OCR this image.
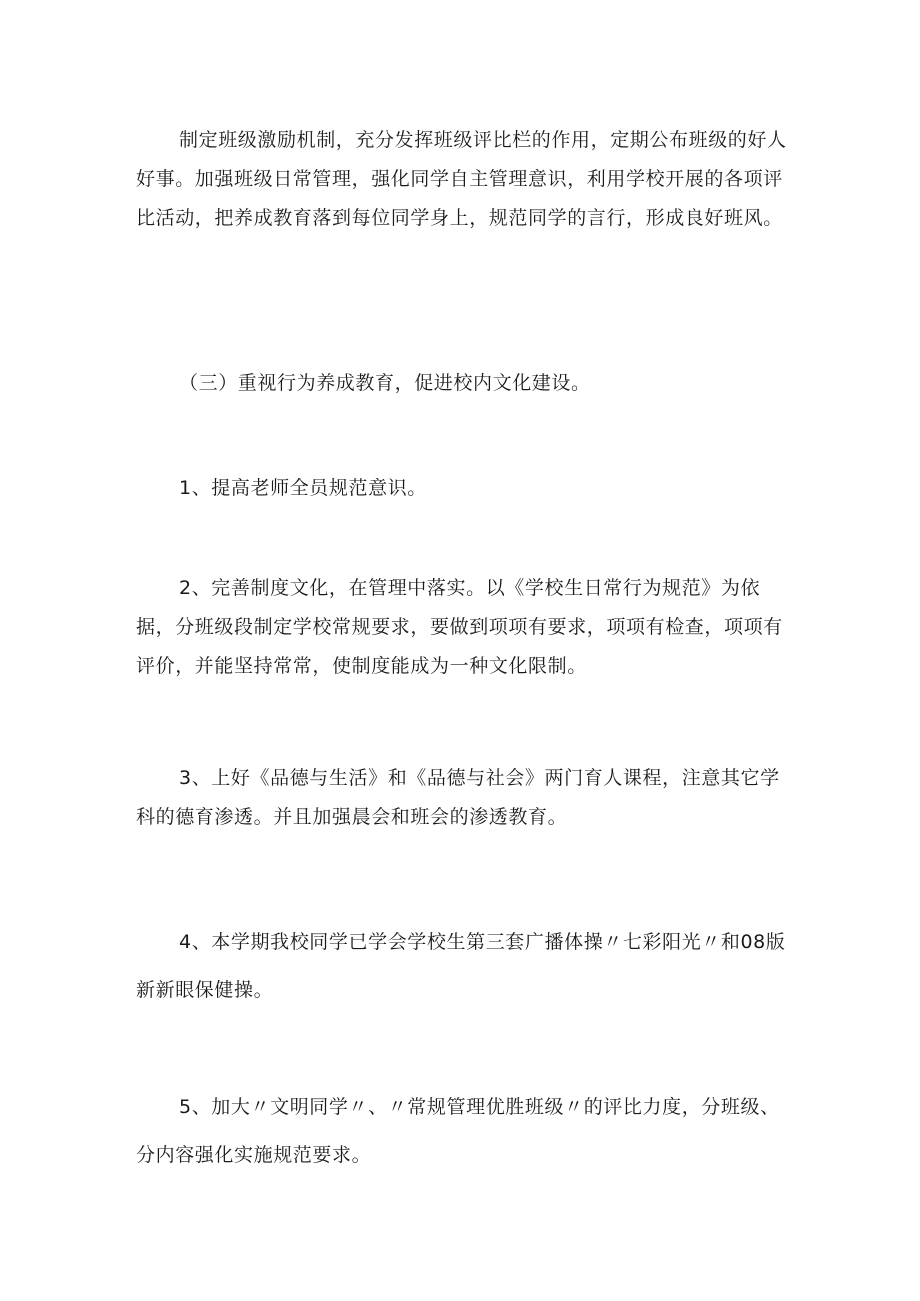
制定班级激励机制，充分发挥班级评比栏的作用，定期公布班级的好人好事。加强班级日常管理，强化同学自主管理意识，利用学校开展的各项评比活动，把养成教育落到每位同学身上，规范同学的言行，形成良好班风。

（三）重视行为养成教育，促进校内文化建设。

1、提高老师全员规范意识。

2、完善制度文化，在管理中落实。以《学校生日常行为规范》为依据，分班级段制定学校常规要求，要做到项项有要求，项项有检查，项项有评价，并能坚持常常，使制度能成为一种文化限制。

3、上好《品德与生活》和《品德与社会》两门育人课程，注意其它学科的德育渗透。并且加强晨会和班会的渗透教育。

4、本学期我校同学已学会学校生第三套广播体操〃七彩阳光〃和08版新新眼保健操。

5、加大〃文明同学〃、〃常规管理优胜班级〃的评比力度，分班级、分内容强化实施规范要求。
